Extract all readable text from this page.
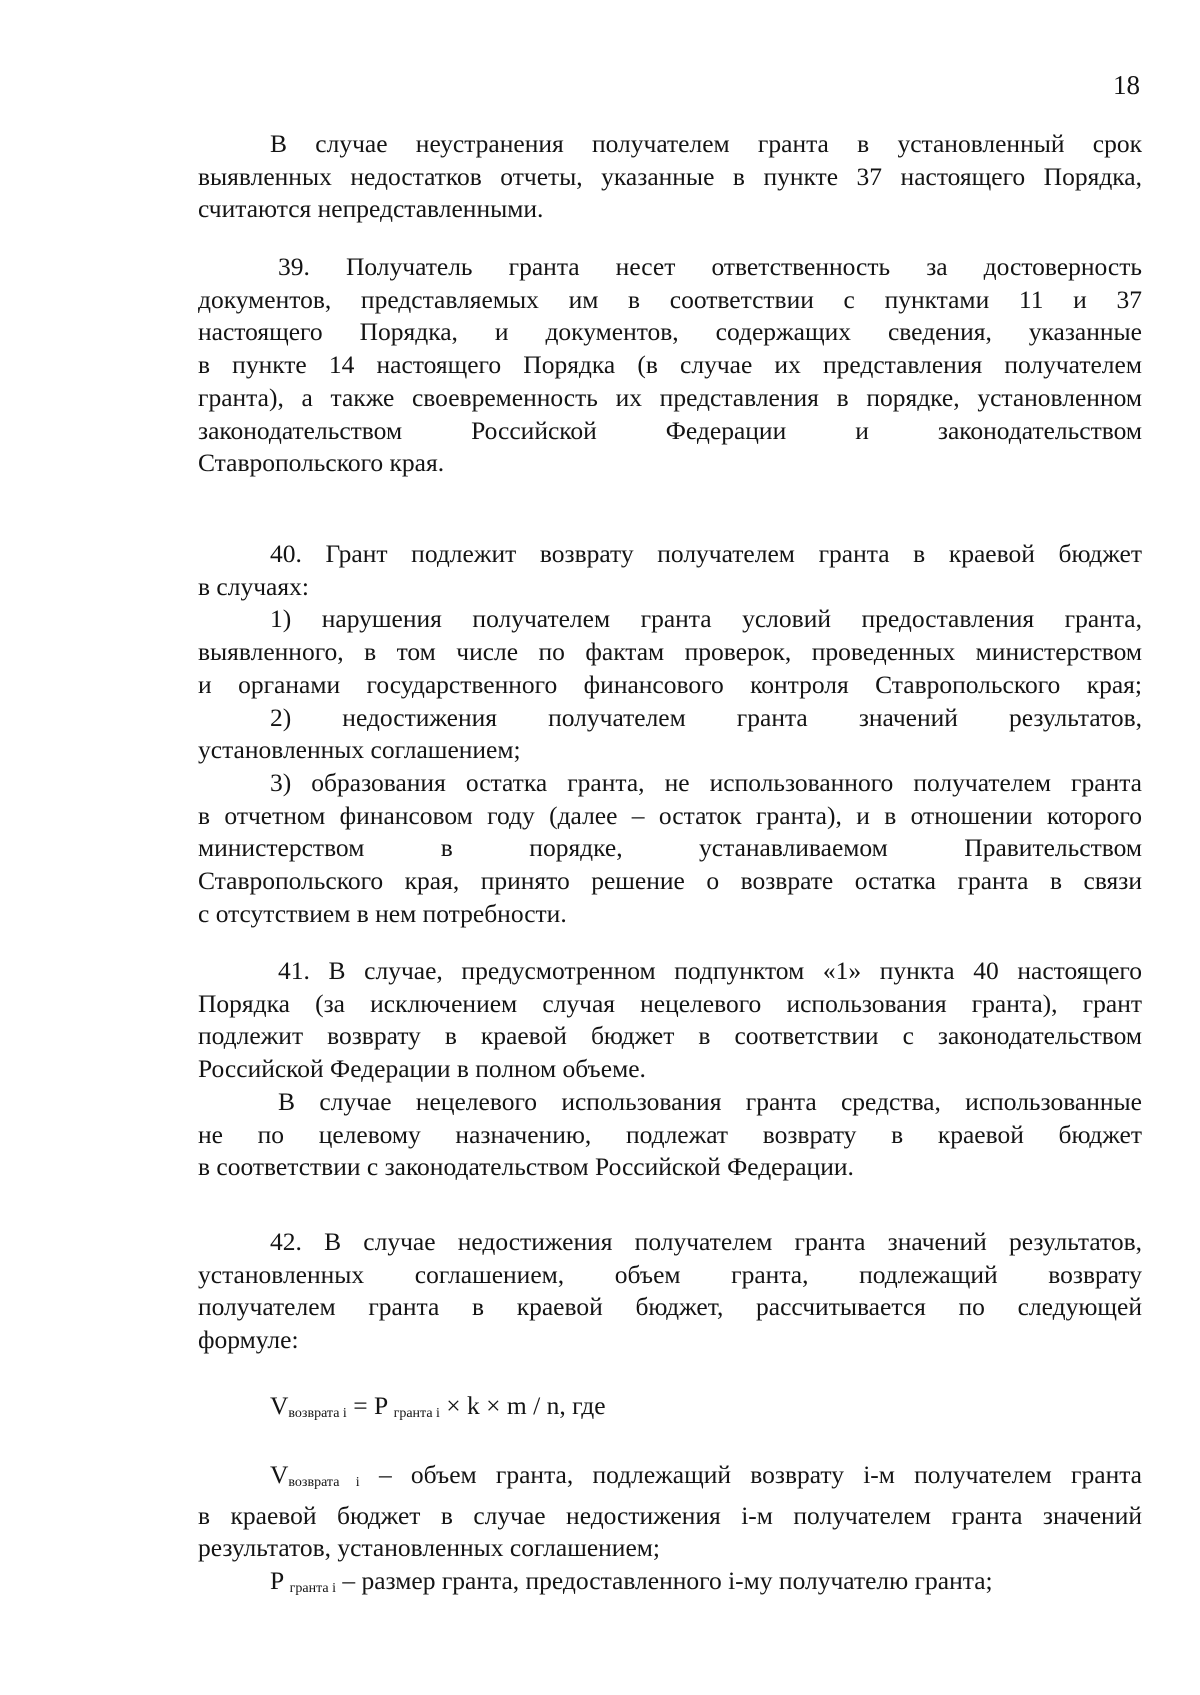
18

В случае неустранения получателем гранта в установленный срок

выявленных недостатков отчеты, указанные в пункте 37 настоящего Порядка,

считаются непредставленными.

39. Получатель гранта несет ответственность за достоверность

документов, представляемых им в соответствии с пунктами 11 и 37

настоящего Порядка, и документов, содержащих сведения, указанные

в пункте 14 настоящего Порядка (в случае их представления получателем

гранта), а также своевременность их представления в порядке, установленном

законодательством Российской Федерации и законодательством

Ставропольского края.

40. Грант подлежит возврату получателем гранта в краевой бюджет

в случаях:

1) нарушения получателем гранта условий предоставления гранта,

выявленного, в том числе по фактам проверок, проведенных министерством

и органами государственного финансового контроля Ставропольского края;

2) недостижения получателем гранта значений результатов,

установленных соглашением;

3) образования остатка гранта, не использованного получателем гранта

в отчетном финансовом году (далее – остаток гранта), и в отношении которого

министерством в порядке, устанавливаемом Правительством

Ставропольского края, принято решение о возврате остатка гранта в связи

с отсутствием в нем потребности.

41. В случае, предусмотренном подпунктом «1» пункта 40 настоящего

Порядка (за исключением случая нецелевого использования гранта), грант

подлежит возврату в краевой бюджет в соответствии с законодательством

Российской Федерации в полном объеме.

В случае нецелевого использования гранта средства, использованные

не по целевому назначению, подлежат возврату в краевой бюджет

в соответствии с законодательством Российской Федерации.

42. В случае недостижения получателем гранта значений результатов,

установленных соглашением, объем гранта, подлежащий возврату

получателем гранта в краевой бюджет, рассчитывается по следующей

формуле:

$V_{возврата i} = P$ $_{гранта i}$ × k × m / n, где

$V_{возврата i}$ – объем гранта, подлежащий возврату i-м получателем гранта

в краевой бюджет в случае недостижения i-м получателем гранта значений

результатов, установленных соглашением;

P $_{гранта i}$ – размер гранта, предоставленного i-му получателю гранта;
